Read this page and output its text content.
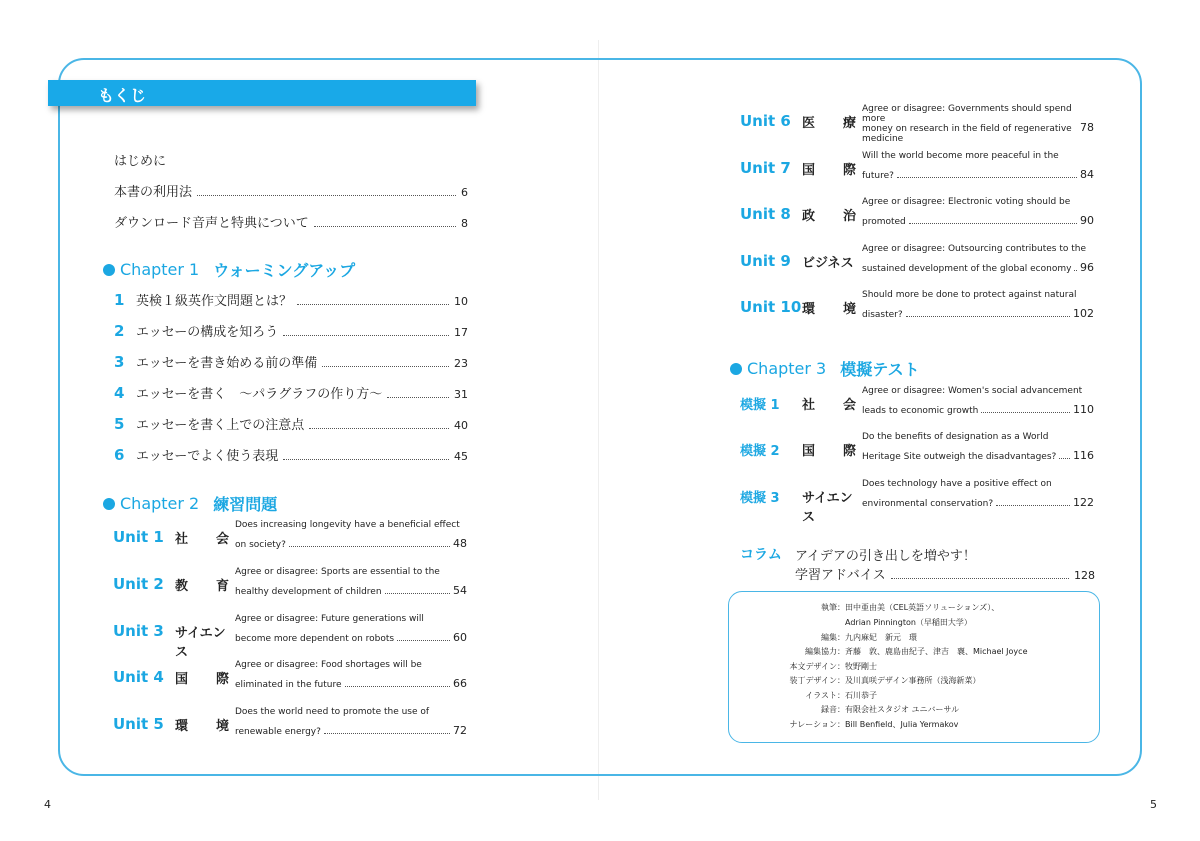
もくじ
はじめに
本書の利用法	6
ダウンロード音声と特典について	8
Chapter 1 ウォーミングアップ
1 英検１級英作文問題とは？	10
2 エッセーの構成を知ろう	17
3 エッセーを書き始める前の準備	23
4 エッセーを書く　～パラグラフの作り方～	31
5 エッセーを書く上での注意点	40
6 エッセーでよく使う表現	45
Chapter 2 練習問題
Unit 1 社 会
Does increasing longevity have a beneficial effect
on society?	48
Unit 2 教 育
Agree or disagree: Sports are essential to the
healthy development of children	54
Unit 3 サイエンス
Agree or disagree: Future generations will
become more dependent on robots	60
Unit 4 国 際
Agree or disagree: Food shortages will be
eliminated in the future	66
Unit 5 環 境
Does the world need to promote the use of
renewable energy?	72
Unit 6 医 療
Agree or disagree: Governments should spend more
money on research in the field of regenerative medicine
78
Unit 7 国 際
Will the world become more peaceful in the
future?	84
Unit 8 政 治
Agree or disagree: Electronic voting should be
promoted	90
Unit 9 ビジネス
Agree or disagree: Outsourcing contributes to the
sustained development of the global economy 96
Unit 10 環 境
Should more be done to protect against natural
disaster?	102
Chapter 3 模擬テスト
模擬 1 社 会
Agree or disagree: Women's social advancement
leads to economic growth	110
模擬 2 国 際
Do the benefits of designation as a World
Heritage Site outweigh the disadvantages? 116
模擬 3 サイエンス
Does technology have a positive effect on
environmental conservation?	122
コラム アイデアの引き出しを増やす！
学習アドバイス	128
執筆： 田中亜由美（CEL英語ソリューションズ）、
Adrian Pinnington（早稲田大学）
編集： 九内麻妃　新元　環
編集協力： 斉藤　敦、鹿島由紀子、津吉　襄、Michael Joyce
本文デザイン： 牧野剛士
装丁デザイン： 及川真咲デザイン事務所（浅海新菜）
イラスト： 石川恭子
録音： 有限会社スタジオ ユニバーサル
ナレーション： Bill Benfield、Julia Yermakov
4	5
